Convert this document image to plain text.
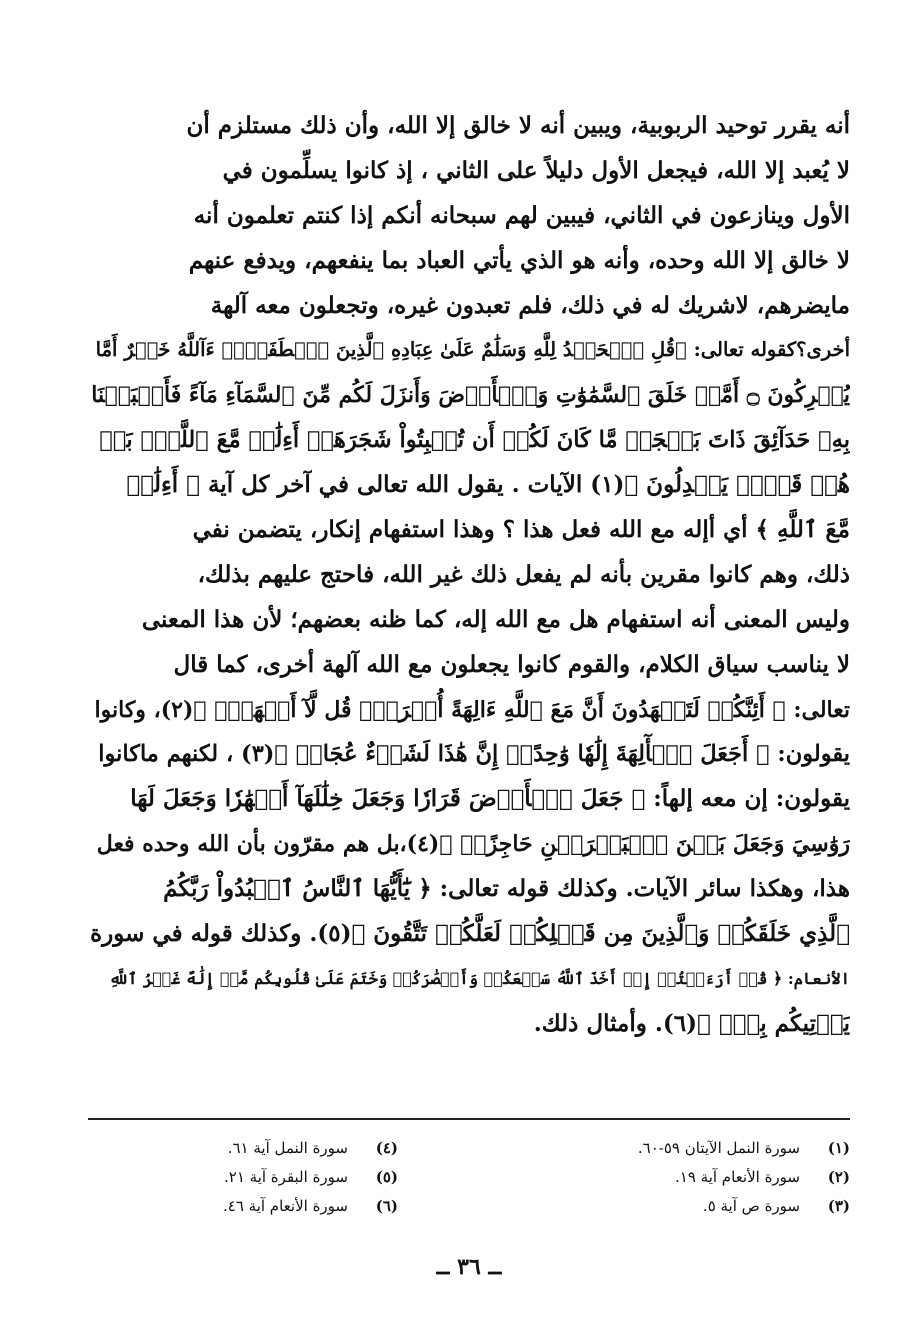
أنه يقرر توحيد الربوبية، ويبين أنه لا خالق إلا الله، وأن ذلك مستلزم أن
لا يُعبد إلا الله، فيجعل الأول دليلاً على الثاني ، إذ كانوا يسلِّمون في
الأول وينازعون في الثاني، فيبين لهم سبحانه أنكم إذا كنتم تعلمون أنه
لا خالق إلا الله وحده، وأنه هو الذي يأتي العباد بما ينفعهم، ويدفع عنهم
مايضرهم، لاشريك له في ذلك، فلم تعبدون غيره، وتجعلون معه آلهة
أخرى؟كقوله تعالى: ﴿قُلِ ٱلۡحَمۡدُ لِلَّهِ وَسَلَٰمٌ عَلَىٰ عِبَادِهِ ٱلَّذِينَ ٱصۡطَفَىٰٓۗ ءَآللَّهُ خَيۡرٌ أَمَّا
يُشۡرِكُونَ ۝ أَمَّنۡ خَلَقَ ٱلسَّمَٰوَٰتِ وَٱلۡأَرۡضَ وَأَنزَلَ لَكُم مِّنَ ٱلسَّمَآءِ مَآءً فَأَنۢبَتۡنَا
بِهِۦ حَدَآئِقَ ذَاتَ بَهۡجَةٖ مَّا كَانَ لَكُمۡ أَن تُنۢبِتُواْ شَجَرَهَآۗ أَءِلَٰهٞ مَّعَ ٱللَّهِۚ بَلۡ
هُمۡ قَوۡمٞ يَعۡدِلُونَ ﴾(١) الآيات . يقول الله تعالى في آخر كل آية ﴿ أَءِلَٰهٞ
مَّعَ ٱللَّهِ ﴾ أي أإله مع الله فعل هذا ؟ وهذا استفهام إنكار، يتضمن نفي
ذلك، وهم كانوا مقرين بأنه لم يفعل ذلك غير الله، فاحتج عليهم بذلك،
وليس المعنى أنه استفهام هل مع الله إله، كما ظنه بعضهم؛ لأن هذا المعنى
لا يناسب سياق الكلام، والقوم كانوا يجعلون مع الله آلهة أخرى، كما قال
تعالى: ﴿ أَئِنَّكُمۡ لَتَشۡهَدُونَ أَنَّ مَعَ ٱللَّهِ ءَالِهَةً أُخۡرَىٰۚ قُل لَّآ أَشۡهَدُۚ ﴾(٢)، وكانوا
يقولون: ﴿ أَجَعَلَ ٱلۡأٓلِهَةَ إِلَٰهٗا وَٰحِدًاۖ إِنَّ هَٰذَا لَشَيۡءٌ عُجَابٞ ﴾(٣) ، لكنهم ماكانوا
يقولون: إن معه إلهاً: ﴿ جَعَلَ ٱلۡأَرۡضَ قَرَارٗا وَجَعَلَ خِلَٰلَهَآ أَنۡهَٰرٗا وَجَعَلَ لَهَا
رَوَٰسِيَ وَجَعَلَ بَيۡنَ ٱلۡبَحۡرَيۡنِ حَاجِزًاۗ ﴾(٤)،بل هم مقرّون بأن الله وحده فعل
هذا، وهكذا سائر الآيات. وكذلك قوله تعالى: ﴿ يَٰٓأَيُّهَا ٱلنَّاسُ ٱعۡبُدُواْ رَبَّكُمُ
ٱلَّذِي خَلَقَكُمۡ وَٱلَّذِينَ مِن قَبۡلِكُمۡ لَعَلَّكُمۡ تَتَّقُونَ ﴾(٥). وكذلك قوله في سورة
الأنعام: ﴿ قُلۡ أَرَءَيۡتُمۡ إِنۡ أَخَذَ ٱللَّهُ سَمۡعَكُمۡ وَأَبۡصَٰرَكُمۡ وَخَتَمَ عَلَىٰ قُلُوبِكُم مَّنۡ إِلَٰهٌ غَيۡرُ ٱللَّهِ
يَأۡتِيكُم بِهِۗ ﴾(٦). وأمثال ذلك.
(١)
سورة النمل الآيتان ٥٩-٦٠.
(٢)
سورة الأنعام آية ١٩.
(٣)
سورة ص آية ٥.
(٤)
سورة النمل آية ٦١.
(٥)
سورة البقرة آية ٢١.
(٦)
سورة الأنعام آية ٤٦.
ــ ٣٦ ــ
